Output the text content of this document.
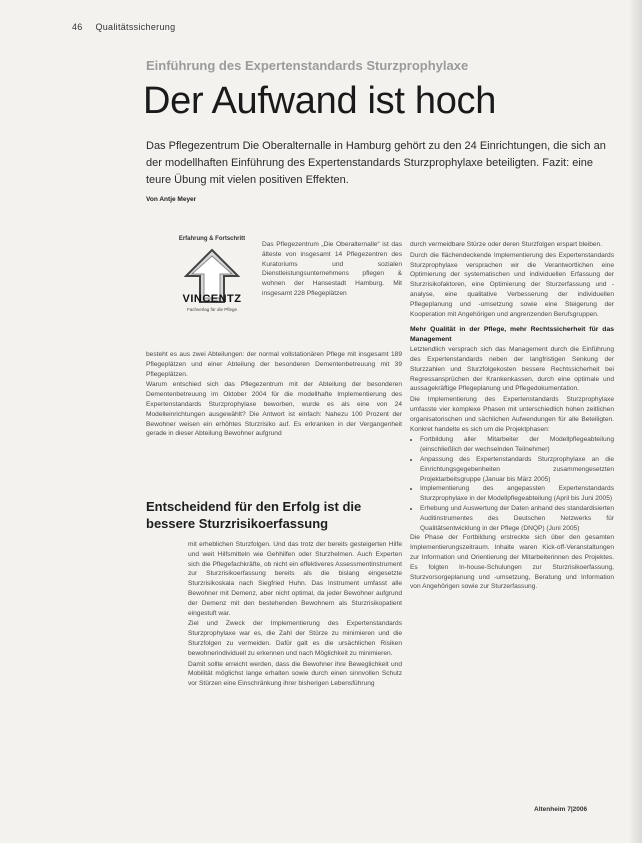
46 Qualitätssicherung
Einführung des Expertenstandards Sturzprophylaxe
Der Aufwand ist hoch
Das Pflegezentrum Die Oberalternalle in Hamburg gehört zu den 24 Einrichtungen, die sich an der modellhaften Einführung des Expertenstandards Sturzprophylaxe beteiligten. Fazit: eine teure Übung mit vielen positiven Effekten.
Von Antje Meyer
Erfahrung & Fortschritt
VINCENTZ
Fachverlag für die Pflege

Das Pflegezentrum „Die Oberalternalle“ ist das älteste von insgesamt 14 Pflegezentren des Kuratoriums und sozialen Dienstleistungsunternehmens pflegen & wohnen der Hansestadt Hamburg. Mit insgesamt 228 Pflegeplätzen

besteht es aus zwei Abteilungen: der normal vollstationären Pflege mit insgesamt 189 Pflegeplätzen und einer Abteilung der besonderen Dementenbetreuung mit 39 Pflegeplätzen.

Warum entschied sich das Pflegezentrum mit der Abteilung der besonderen Dementenbetreuung im Oktober 2004 für die modellhafte Implementierung des Expertenstandards Sturzprophylaxe beworben, wurde es als eine von 24 Modelleinrichtungen ausgewählt? Die Antwort ist einfach: Nahezu 100 Prozent der Bewohner weisen ein erhöhtes Sturzrisiko auf. Es erkranken in der Vergangenheit gerade in dieser Abteilung Bewohner aufgrund

Entscheidend für den Erfolg ist die bessere Sturzrisikoerfassung

mit erheblichen Sturzfolgen. Und das trotz der bereits gesteigerten Hilfe und weit Hilfsmitteln wie Gehhilfen oder Sturzhelmen. Auch Experten sich die Pflegefachkräfte, ob nicht ein effektiveres Assessmentinstrument zur Sturzrisikoerfassung bereits als die bislang eingesetzte Sturzrisikoskala nach Siegfried Huhn. Das Instrument umfasst alle Bewohner mit Demenz, aber nicht optimal, da jeder Bewohner aufgrund der Demenz mit den bestehenden Bewohnern als Sturzrisikopatient eingestuft war.

Ziel und Zweck der Implementierung des Expertenstandards Sturzprophylaxe war es, die Zahl der Stürze zu minimieren und die Sturzfolgen zu vermeiden. Dafür galt es die ursächlichen Risiken bewohnerindividuell zu erkennen und nach Möglichkeit zu minimieren.

Damit sollte erreicht werden, dass die Bewohner ihre Beweglichkeit und Mobilität möglichst lange erhalten sowie durch einen sinnvollen Schutz vor Stürzen eine Einschränkung ihrer bisherigen Lebensführung

durch vermeidbare Stürze oder deren Sturzfolgen erspart bleiben.

Durch die flächendeckende Implementierung des Expertenstandards Sturzprophylaxe versprachen wir die Verantwortlichen eine Optimierung der systematischen und individuellen Erfassung der Sturzrisikofaktoren, eine Optimierung der Sturzerfassung und -analyse, eine qualitative Verbesserung der individuellen Pflegeplanung und -umsetzung sowie eine Steigerung der Kooperation mit Angehörigen und angrenzenden Berufsgruppen.

Mehr Qualität in der Pflege, mehr Rechtssicherheit für das Management

Letztendlich versprach sich das Management durch die Einführung des Expertenstandards neben der langfristigen Senkung der Sturzzahlen und Sturzfolgekosten bessere Rechtssicherheit bei Regressansprüchen der Krankenkassen, durch eine optimale und aussagekräftige Pflegeplanung und Pflegedokumentation.

Die Implementierung des Expertenstandards Sturzprophylaxe umfasste vier komplexe Phasen mit unterschiedlich hohen zeitlichen organisatorischen und sächlichen Aufwendungen für alle Beteiligten. Konkret handelte es sich um die Projektphasen:

• Fortbildung aller Mitarbeiter der Modellpflegeabteilung (einschließlich der wechselnden Teilnehmer)
• Anpassung des Expertenstandards Sturzprophylaxe an die Einrichtungsgegebenheiten zusammengesetzten Projektarbeitsgruppe (Januar bis März 2005)
• Implementierung des angepassten Expertenstandards Sturzprophylaxe in der Modellpflegeabteilung (April bis Juni 2005)
• Erhebung und Auswertung der Daten anhand des standardisierten Auditinstrumentes des Deutschen Netzwerks für Qualitätsentwicklung in der Pflege (DNQP) (Juni 2005)

Die Phase der Fortbildung erstreckte sich über den gesamten Implementierungszeitraum. Inhalte waren Kick-off-Veranstaltungen zur Information und Orientierung der Mitarbeiterinnen des Projektes. Es folgten In-house-Schulungen zur Sturzrisikoerfassung, Sturzvorsorgeplanung und -umsetzung, Beratung und Information von Angehörigen sowie zur Sturzerfassung.

Altenheim 7|2006
